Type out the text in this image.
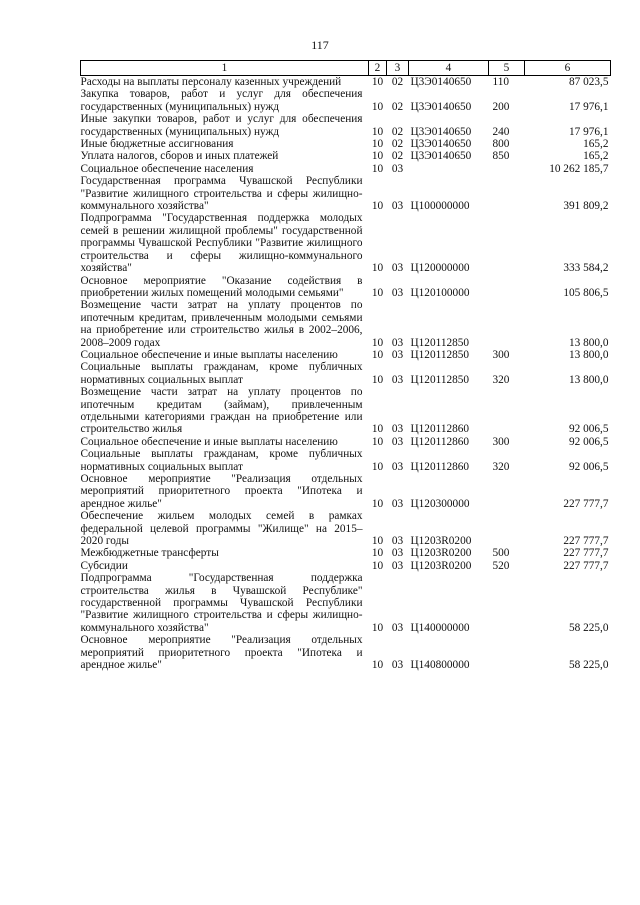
117
1	2	3	4	5	6
Расходы на выплаты персоналу казенных учреждений	10	02	Ц3Э0140650	110	87 023,5
Закупка товаров, работ и услуг для обеспечения государственных (муниципальных) нужд	10	02	Ц3Э0140650	200	17 976,1
Иные закупки товаров, работ и услуг для обеспечения государственных (муниципальных) нужд	10	02	Ц3Э0140650	240	17 976,1
Иные бюджетные ассигнования	10	02	Ц3Э0140650	800	165,2
Уплата налогов, сборов и иных платежей	10	02	Ц3Э0140650	850	165,2
Социальное обеспечение населения	10	03			10 262 185,7
Государственная программа Чувашской Республики "Развитие жилищного строительства и сферы жилищно-коммунального хозяйства"	10	03	Ц100000000		391 809,2
Подпрограмма "Государственная поддержка молодых семей в решении жилищной проблемы" государственной программы Чувашской Республики "Развитие жилищного строительства и сферы жилищно-коммунального хозяйства"	10	03	Ц120000000		333 584,2
Основное мероприятие "Оказание содействия в приобретении жилых помещений молодыми семьями"	10	03	Ц120100000		105 806,5
Возмещение части затрат на уплату процентов по ипотечным кредитам, привлеченным молодыми семьями на приобретение или строительство жилья в 2002–2006, 2008–2009 годах	10	03	Ц120112850		13 800,0
Социальное обеспечение и иные выплаты населению	10	03	Ц120112850	300	13 800,0
Социальные выплаты гражданам, кроме публичных нормативных социальных выплат	10	03	Ц120112850	320	13 800,0
Возмещение части затрат на уплату процентов по ипотечным кредитам (займам), привлеченным отдельными категориями граждан на приобретение или строительство жилья	10	03	Ц120112860		92 006,5
Социальное обеспечение и иные выплаты населению	10	03	Ц120112860	300	92 006,5
Социальные выплаты гражданам, кроме публичных нормативных социальных выплат	10	03	Ц120112860	320	92 006,5
Основное мероприятие "Реализация отдельных мероприятий приоритетного проекта "Ипотека и арендное жилье"	10	03	Ц120300000		227 777,7
Обеспечение жильем молодых семей в рамках федеральной целевой программы "Жилище" на 2015–2020 годы	10	03	Ц1203R0200		227 777,7
Межбюджетные трансферты	10	03	Ц1203R0200	500	227 777,7
Субсидии	10	03	Ц1203R0200	520	227 777,7
Подпрограмма "Государственная поддержка строительства жилья в Чувашской Республике" государственной программы Чувашской Республики "Развитие жилищного строительства и сферы жилищно-коммунального хозяйства"	10	03	Ц140000000		58 225,0
Основное мероприятие "Реализация отдельных мероприятий приоритетного проекта "Ипотека и арендное жилье"	10	03	Ц140800000		58 225,0
